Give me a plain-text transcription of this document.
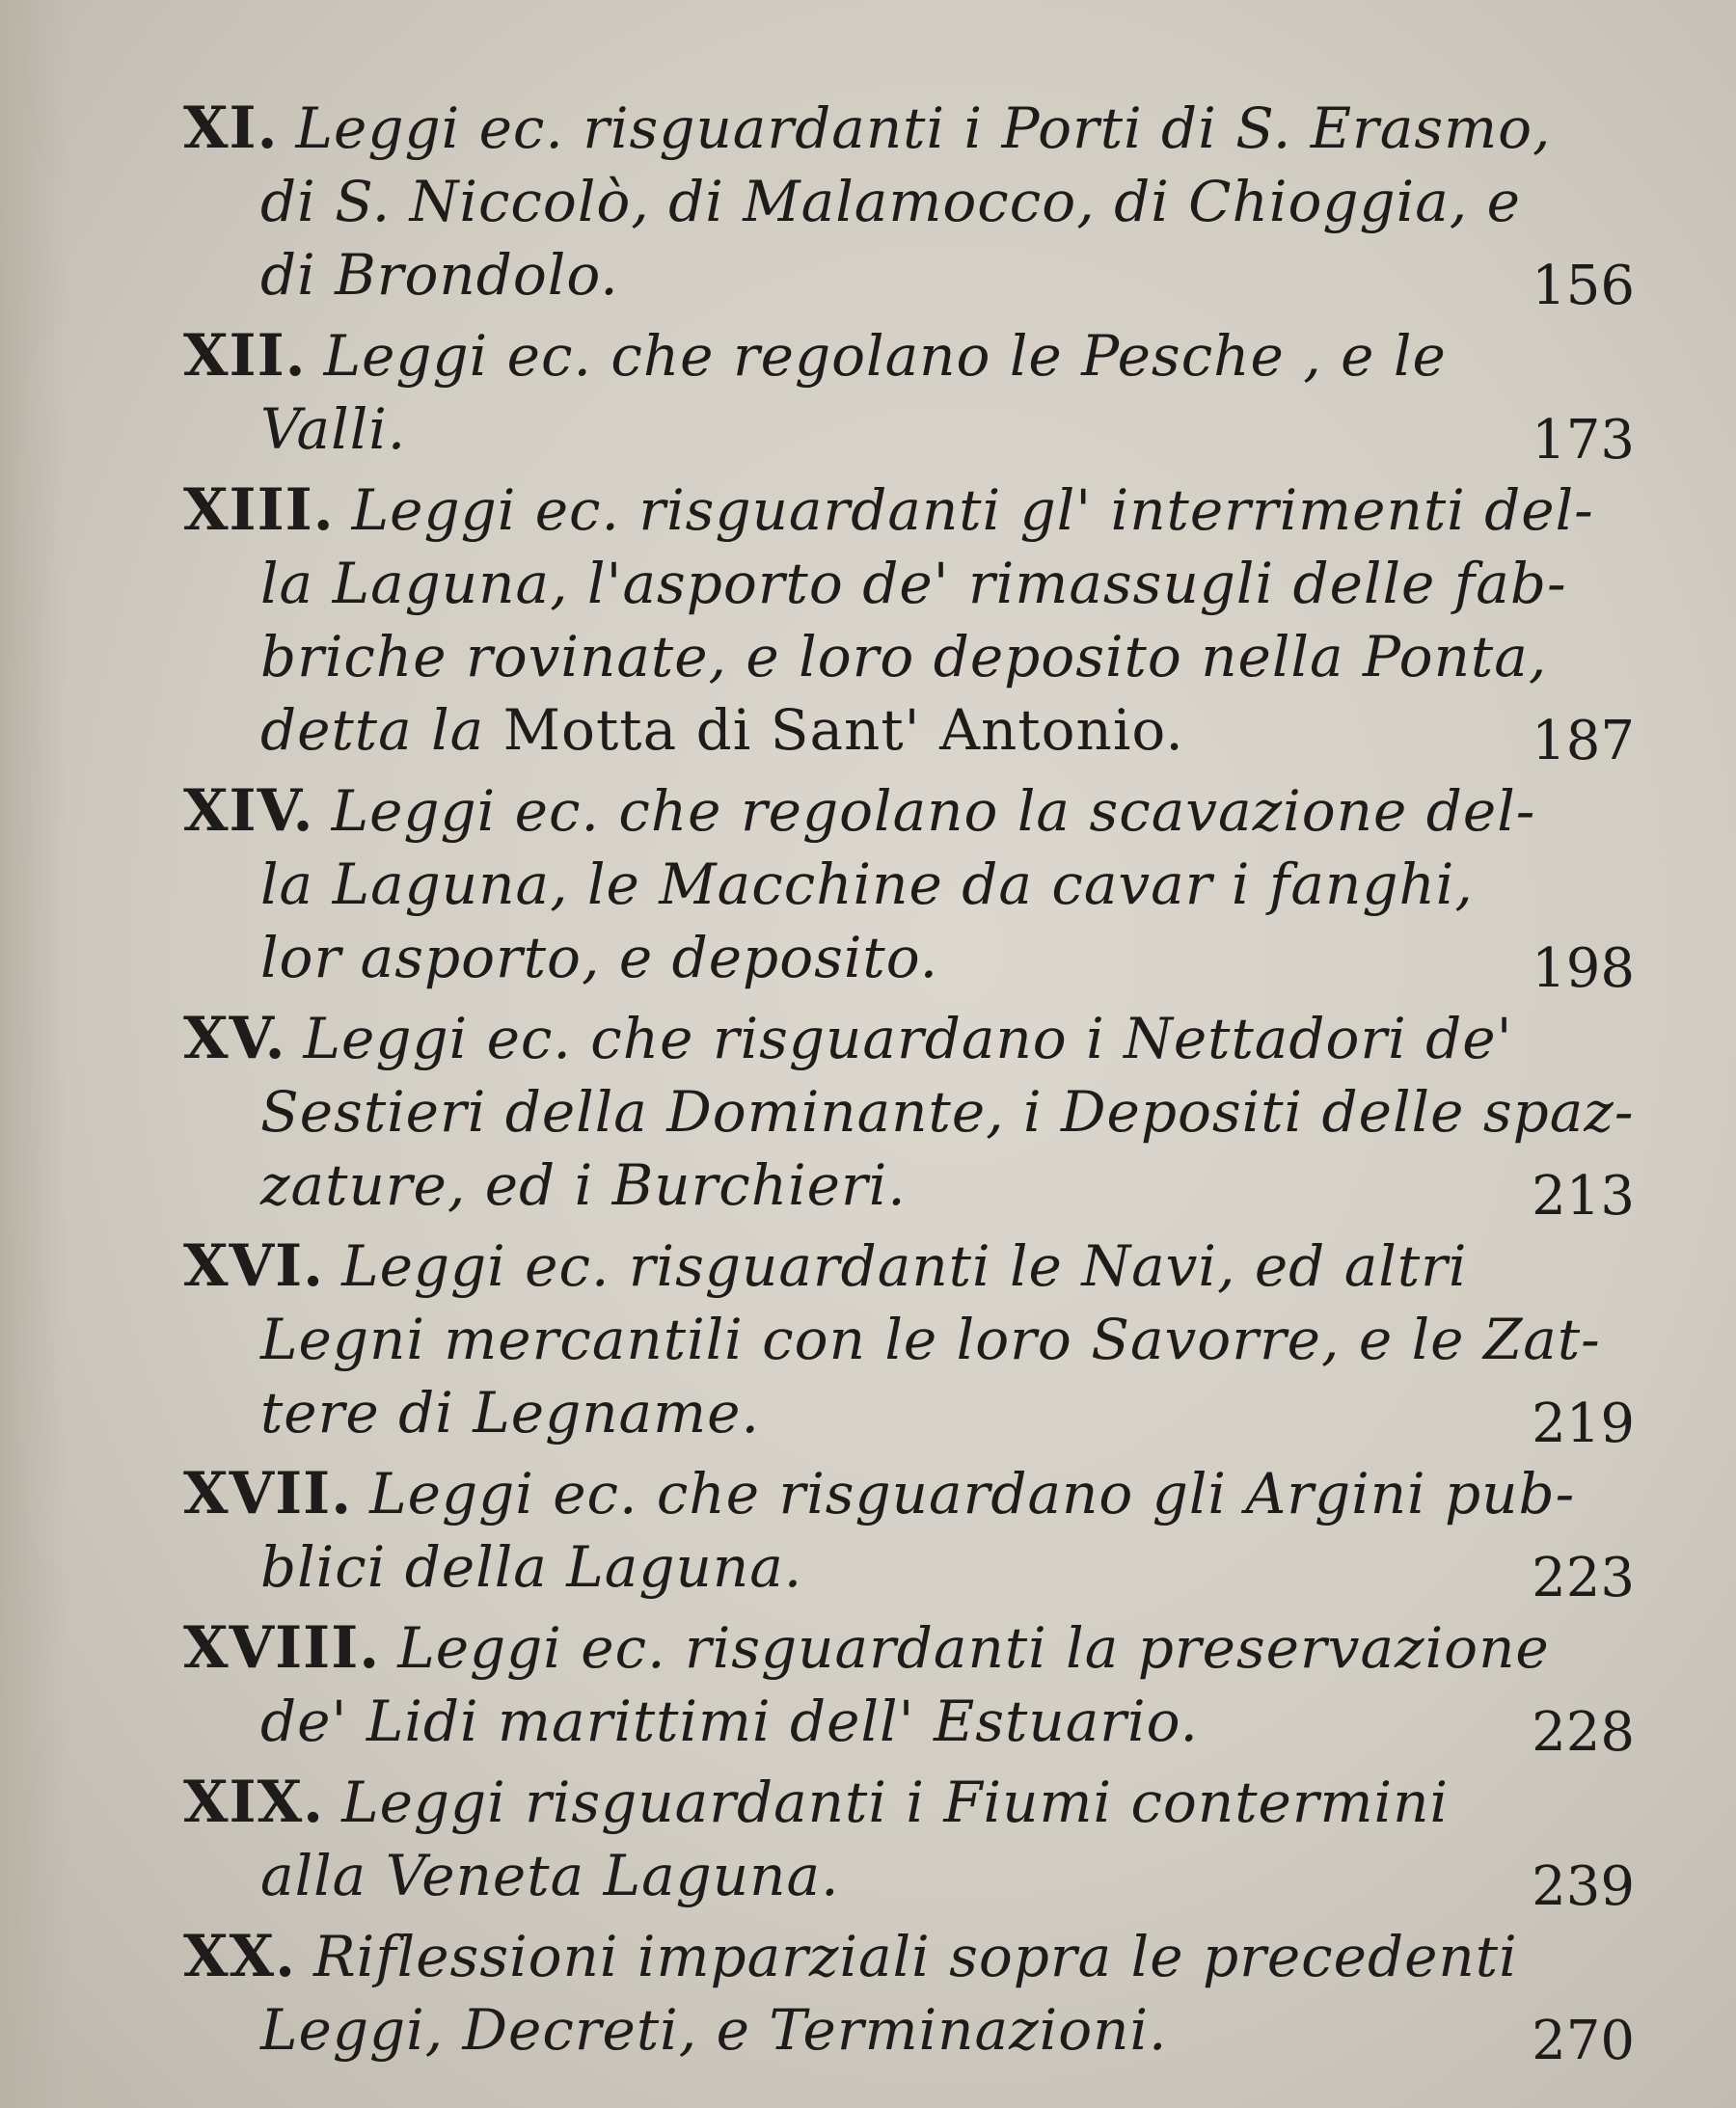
XI. Leggi ec. risguardanti i Porti di S. Erasmo,
di S. Niccolò, di Malamocco, di Chioggia, e
di Brondolo.	156
XII. Leggi ec. che regolano le Pesche , e le
Valli.	173
XIII. Leggi ec. risguardanti gl' interrimenti del-
la Laguna, l'asporto de' rimassugli delle fab-
briche rovinate, e loro deposito nella Ponta,
detta la Motta di Sant' Antonio.	187
XIV. Leggi ec. che regolano la scavazione del-
la Laguna, le Macchine da cavar i fanghi,
lor asporto, e deposito.	198
XV. Leggi ec. che risguardano i Nettadori de'
Sestieri della Dominante, i Depositi delle spaz-
zature, ed i Burchieri.	213
XVI. Leggi ec. risguardanti le Navi, ed altri
Legni mercantili con le loro Savorre, e le Zat-
tere di Legname.	219
XVII. Leggi ec. che risguardano gli Argini pub-
blici della Laguna.	223
XVIII. Leggi ec. risguardanti la preservazione
de' Lidi marittimi dell' Estuario.	228
XIX. Leggi risguardanti i Fiumi contermini
alla Veneta Laguna.	239
XX. Riflessioni imparziali sopra le precedenti
Leggi, Decreti, e Terminazioni.	270
